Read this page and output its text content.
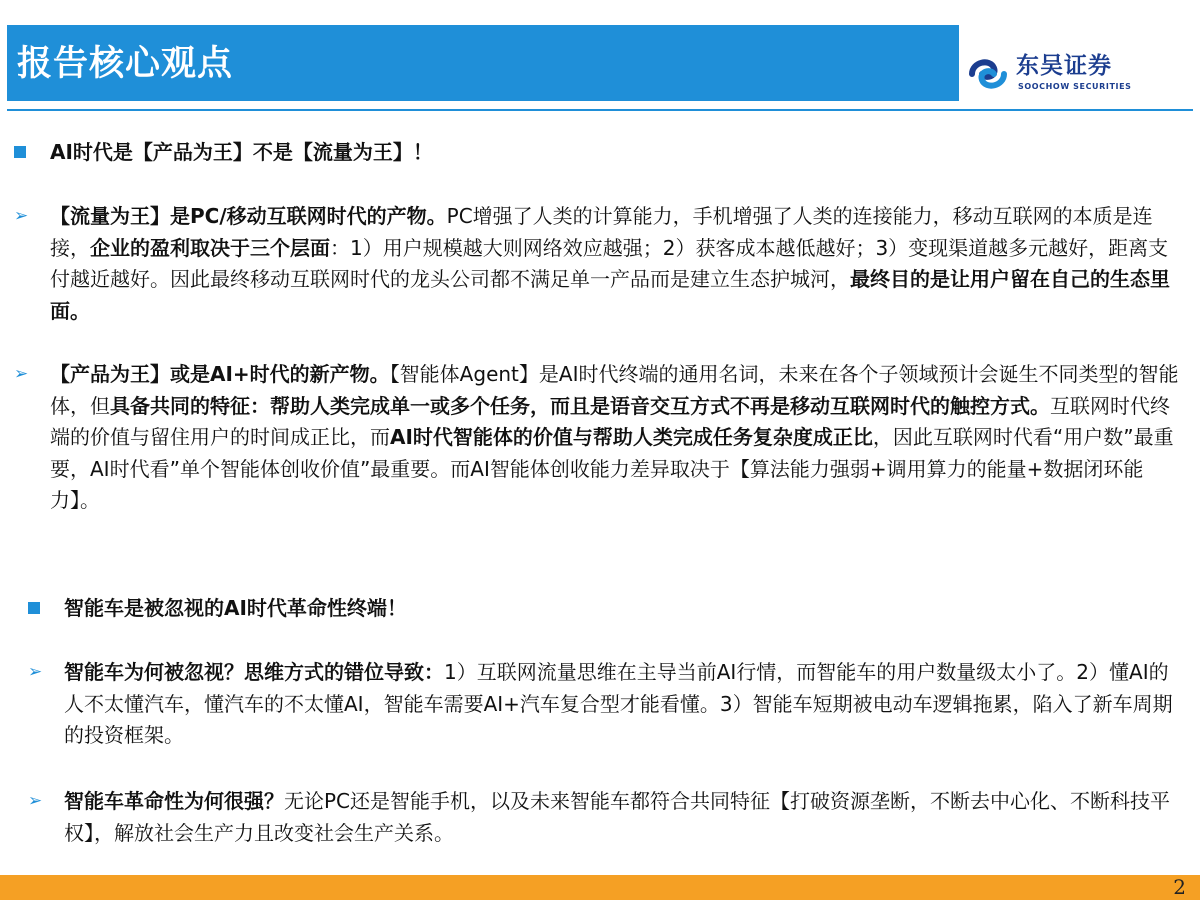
报告核心观点	东吴证券
SOOCHOW SECURITIES
AI时代是【产品为王】不是【流量为王】！
➢	【流量为王】是PC/移动互联网时代的产物。PC增强了人类的计算能力，手机增强了人类的连接能力，移动互联网的本质是连接，企业的盈利取决于三个层面：1）用户规模越大则网络效应越强；2）获客成本越低越好；3）变现渠道越多元越好，距离支付越近越好。因此最终移动互联网时代的龙头公司都不满足单一产品而是建立生态护城河，最终目的是让用户留在自己的生态里面。
➢	【产品为王】或是AI+时代的新产物。【智能体Agent】是AI时代终端的通用名词，未来在各个子领域预计会诞生不同类型的智能体，但具备共同的特征：帮助人类完成单一或多个任务，而且是语音交互方式不再是移动互联网时代的触控方式。互联网时代终端的价值与留住用户的时间成正比，而AI时代智能体的价值与帮助人类完成任务复杂度成正比，因此互联网时代看“用户数”最重要，AI时代看”单个智能体创收价值”最重要。而AI智能体创收能力差异取决于【算法能力强弱+调用算力的能量+数据闭环能力】。
智能车是被忽视的AI时代革命性终端！
➢	智能车为何被忽视？思维方式的错位导致：1）互联网流量思维在主导当前AI行情，而智能车的用户数量级太小了。2）懂AI的人不太懂汽车，懂汽车的不太懂AI，智能车需要AI+汽车复合型才能看懂。3）智能车短期被电动车逻辑拖累，陷入了新车周期的投资框架。
➢	智能车革命性为何很强？无论PC还是智能手机，以及未来智能车都符合共同特征【打破资源垄断，不断去中心化、不断科技平权】，解放社会生产力且改变社会生产关系。
2
